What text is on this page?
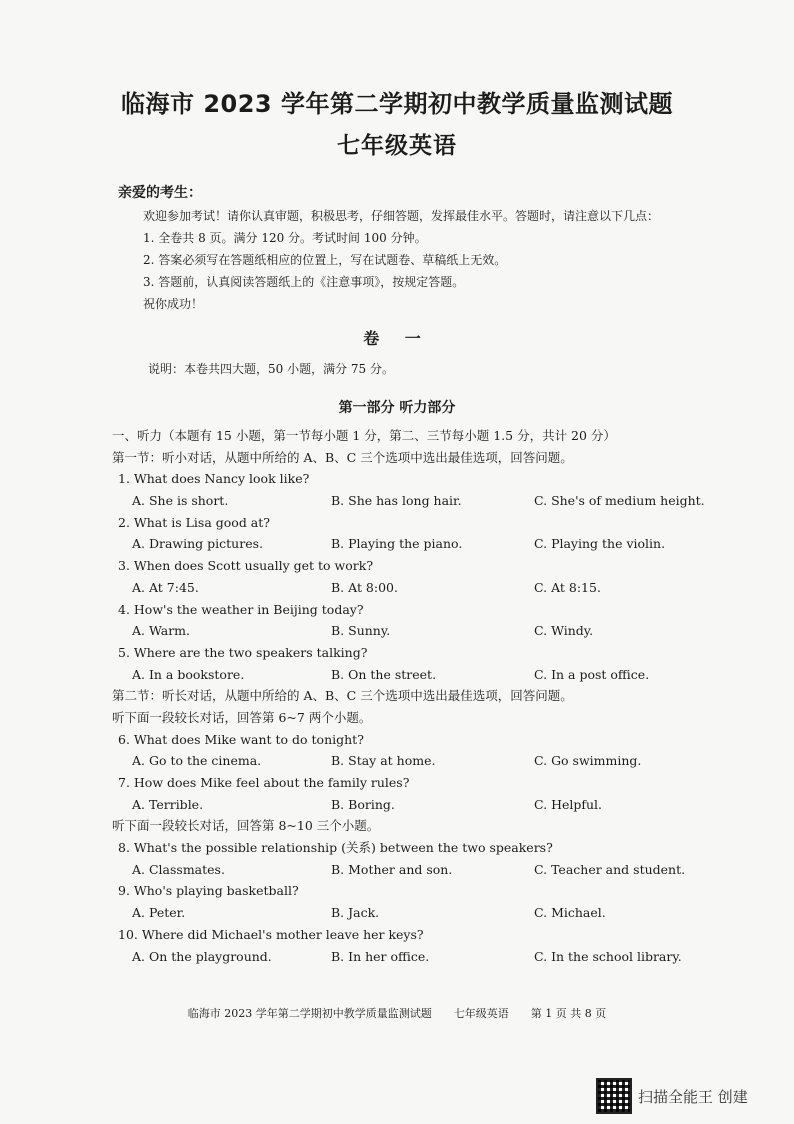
临海市 2023 学年第二学期初中教学质量监测试题
七年级英语
亲爱的考生：
欢迎参加考试！请你认真审题，积极思考，仔细答题，发挥最佳水平。答题时，请注意以下几点：
1. 全卷共 8 页。满分 120 分。考试时间 100 分钟。
2. 答案必须写在答题纸相应的位置上，写在试题卷、草稿纸上无效。
3. 答题前，认真阅读答题纸上的《注意事项》，按规定答题。
祝你成功！
卷 一
说明：本卷共四大题，50 小题，满分 75 分。
第一部分 听力部分
一、听力（本题有 15 小题，第一节每小题 1 分，第二、三节每小题 1.5 分，共计 20 分）
第一节：听小对话，从题中所给的 A、B、C 三个选项中选出最佳选项，回答问题。
1. What does Nancy look like?
A. She is short.	B. She has long hair.	C. She's of medium height.
2. What is Lisa good at?
A. Drawing pictures.	B. Playing the piano.	C. Playing the violin.
3. When does Scott usually get to work?
A. At 7:45.	B. At 8:00.	C. At 8:15.
4. How's the weather in Beijing today?
A. Warm.	B. Sunny.	C. Windy.
5. Where are the two speakers talking?
A. In a bookstore.	B. On the street.	C. In a post office.
第二节：听长对话，从题中所给的 A、B、C 三个选项中选出最佳选项，回答问题。
听下面一段较长对话，回答第 6~7 两个小题。
6. What does Mike want to do tonight?
A. Go to the cinema.	B. Stay at home.	C. Go swimming.
7. How does Mike feel about the family rules?
A. Terrible.	B. Boring.	C. Helpful.
听下面一段较长对话，回答第 8~10 三个小题。
8. What's the possible relationship (关系) between the two speakers?
A. Classmates.	B. Mother and son.	C. Teacher and student.
9. Who's playing basketball?
A. Peter.	B. Jack.	C. Michael.
10. Where did Michael's mother leave her keys?
A. On the playground.	B. In her office.	C. In the school library.
临海市 2023 学年第二学期初中教学质量监测试题　　七年级英语　　第 1 页 共 8 页
扫描全能王 创建
